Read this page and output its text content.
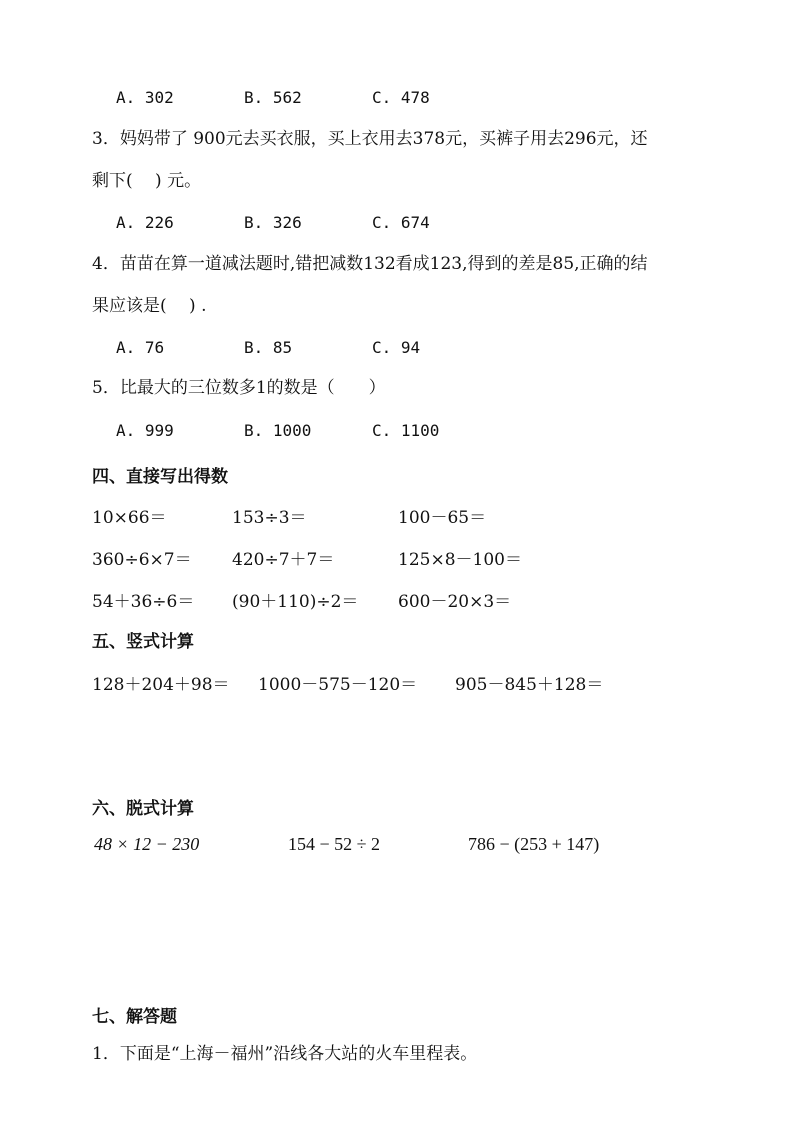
A. 302	B. 562	C. 478
3．妈妈带了 900元去买衣服，买上衣用去378元，买裤子用去296元，还
剩下(　 ) 元。
A. 226	B. 326	C. 674
4．苗苗在算一道减法题时,错把减数132看成123,得到的差是85,正确的结
果应该是(　 ) .
A. 76	B. 85	C. 94
5．比最大的三位数多1的数是（　　）
A. 999	B. 1000	C. 1100
四、直接写出得数
10×66＝	153÷3＝	100－65＝
360÷6×7＝ 420÷7＋7＝	125×8－100＝
54＋36÷6＝ (90＋110)÷2＝ 600－20×3＝
五、竖式计算
128＋204＋98＝ 1000－575－120＝ 905－845＋128＝
六、脱式计算
48 × 12 − 230	154 − 52 ÷ 2	786 − (253 + 147)
七、解答题
1．下面是“上海－福州”沿线各大站的火车里程表。
